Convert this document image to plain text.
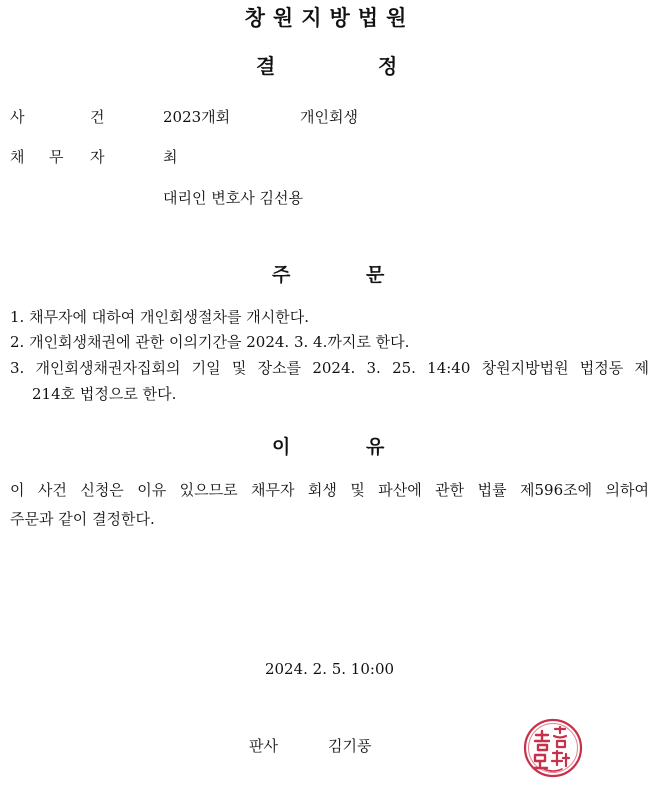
창원지방법원
결	정
사	건	2023개회	개인회생
채 무 자	최
대리인 변호사 김선용
주	문
1. 채무자에 대하여 개인회생절차를 개시한다.
2. 개인회생채권에 관한 이의기간을 2024. 3. 4.까지로 한다.
3. 개인회생채권자집회의 기일 및 장소를 2024. 3. 25. 14:40 창원지방법원 법정동 제
214호 법정으로 한다.
이	유
이 사건 신청은 이유 있으므로 채무자 회생 및 파산에 관한 법률 제596조에 의하여
주문과 같이 결정한다.
2024. 2. 5. 10:00
판사	김기풍
